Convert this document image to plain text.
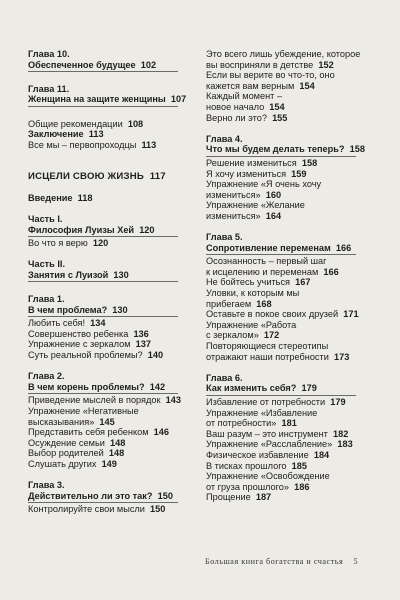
Глава 10.
Обеспеченное будущее 102
Глава 11.
Женщина на защите женщины 107
Общие рекомендации 108
Заключение 113
Все мы – первопроходцы 113
ИСЦЕЛИ СВОЮ ЖИЗНЬ 117
Введение 118
Часть I.
Философия Луизы Хей 120
Во что я верю 120
Часть II.
Занятия с Луизой 130
Глава 1.
В чем проблема? 130
Любить себя! 134
Совершенство ребенка 136
Упражнение с зеркалом 137
Суть реальной проблемы? 140
Глава 2.
В чем корень проблемы? 142
Приведение мыслей в порядок 143
Упражнение «Негативные
высказывания» 145
Представить себя ребенком 146
Осуждение семьи 148
Выбор родителей 148
Слушать других 149
Глава 3.
Действительно ли это так? 150
Контролируйте свои мысли 150
Это всего лишь убеждение, которое
вы восприняли в детстве 152
Если вы верите во что-то, оно
кажется вам верным 154
Каждый момент –
новое начало 154
Верно ли это? 155
Глава 4.
Что мы будем делать теперь? 158
Решение измениться 158
Я хочу измениться 159
Упражнение «Я очень хочу
измениться» 160
Упражнение «Желание
измениться» 164
Глава 5.
Сопротивление переменам 166
Осознанность – первый шаг
к исцелению и переменам 166
Не бойтесь учиться 167
Уловки, к которым мы
прибегаем 168
Оставьте в покое своих друзей 171
Упражнение «Работа
с зеркалом» 172
Повторяющиеся стереотипы
отражают наши потребности 173
Глава 6.
Как изменить себя? 179
Избавление от потребности 179
Упражнение «Избавление
от потребности» 181
Ваш разум – это инструмент 182
Упражнение «Расслабление» 183
Физическое избавление 184
В тисках прошлого 185
Упражнение «Освобождение
от груза прошлого» 186
Прощение 187
Большая книга богатства и счастья 5
